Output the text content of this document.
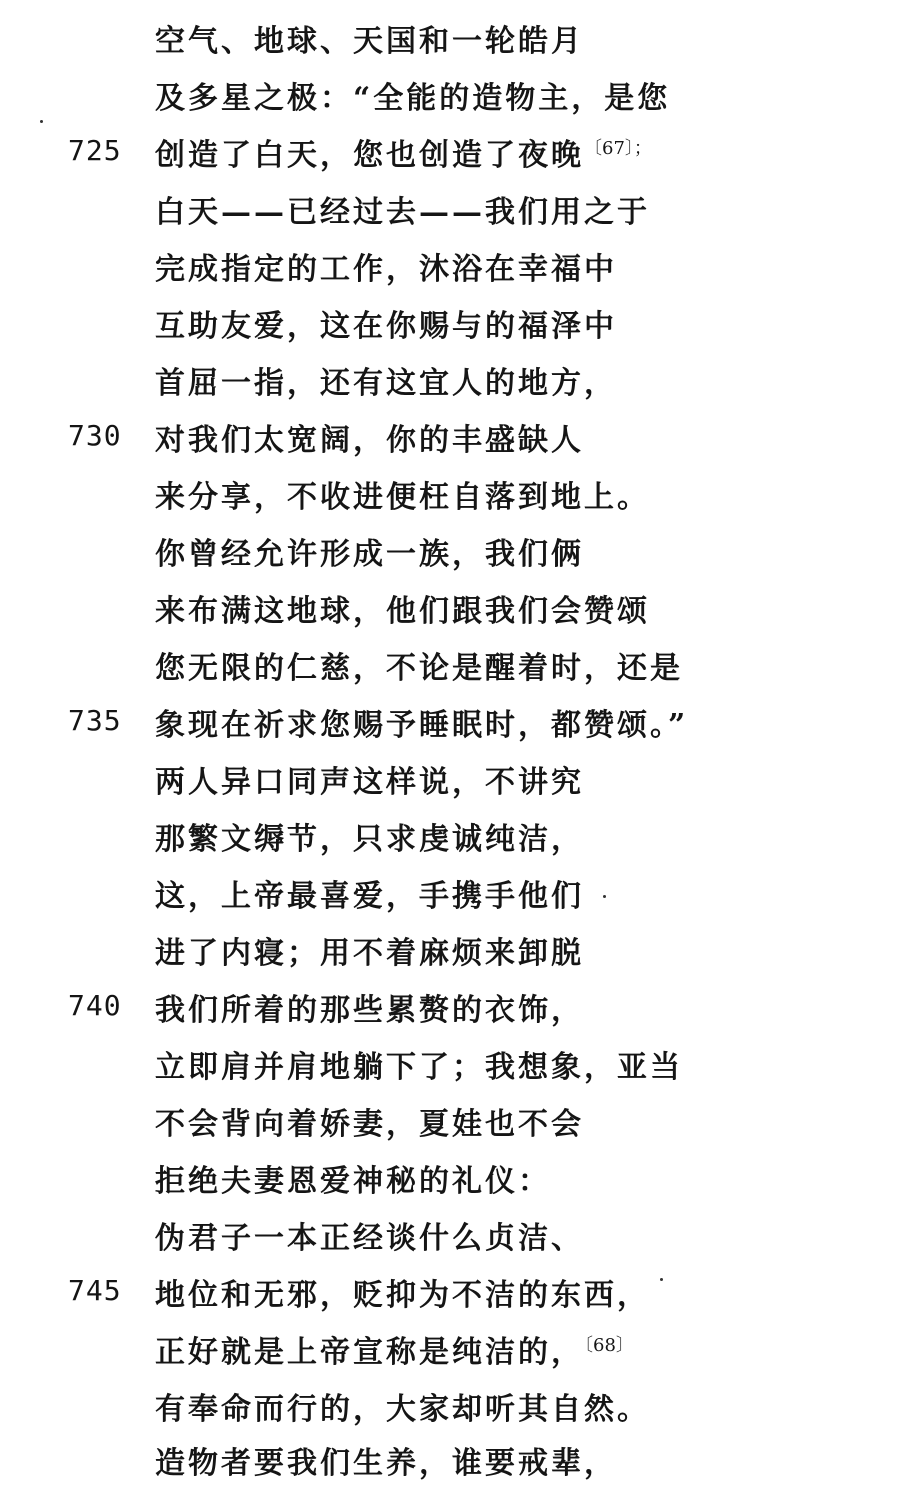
空气、地球、天国和一轮皓月
及多星之极：“全能的造物主，是您
725 创造了白天，您也创造了夜晚$^{〔67〕;}$
白天——已经过去——我们用之于
完成指定的工作，沐浴在幸福中
互助友爱，这在你赐与的福泽中
首屈一指，还有这宜人的地方，
730 对我们太宽阔，你的丰盛缺人
来分享，不收进便枉自落到地上。
你曾经允许形成一族，我们俩
来布满这地球，他们跟我们会赞颂
您无限的仁慈，不论是醒着时，还是
735 象现在祈求您赐予睡眠时，都赞颂。”
两人异口同声这样说，不讲究
那繁文缛节，只求虔诚纯洁，
这，上帝最喜爱，手携手他们
进了内寝；用不着麻烦来卸脱
740 我们所着的那些累赘的衣饰，
立即肩并肩地躺下了；我想象，亚当
不会背向着娇妻，夏娃也不会
拒绝夫妻恩爱神秘的礼仪：
伪君子一本正经谈什么贞洁、
745 地位和无邪，贬抑为不洁的东西，
正好就是上帝宣称是纯洁的，$^{〔68〕}$
有奉命而行的，大家却听其自然。
造物者要我们生养，谁要戒辈，
